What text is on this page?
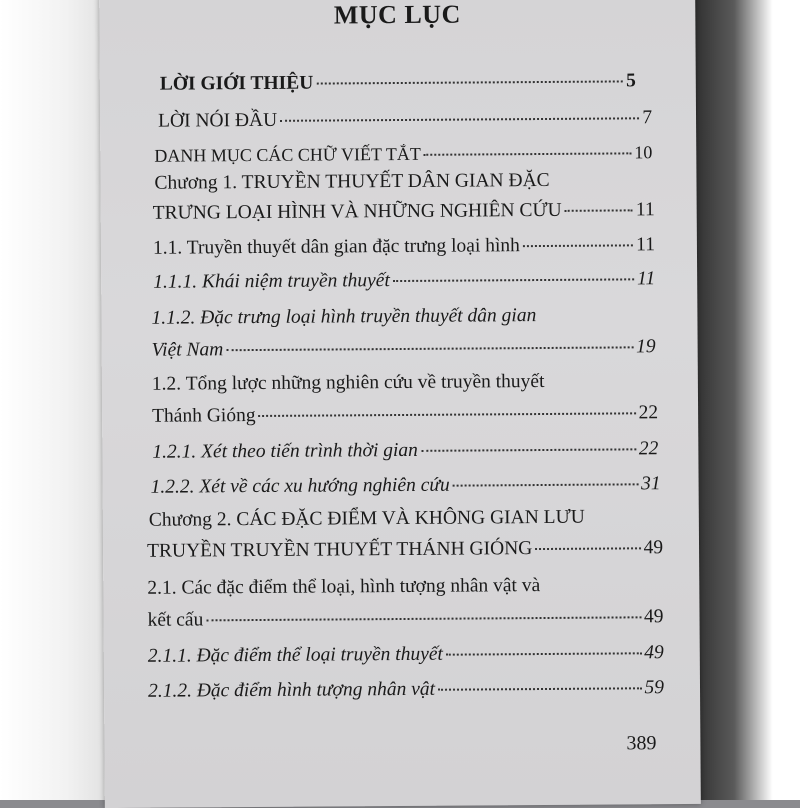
MỤC LỤC
LỜI GIỚI THIỆU	5
LỜI NÓI ĐẦU	7
DANH MỤC CÁC CHỮ VIẾT TẮT	10
Chương 1. TRUYỀN THUYẾT DÂN GIAN ĐẶC
TRƯNG LOẠI HÌNH VÀ NHỮNG NGHIÊN CỨU	11
1.1. Truyền thuyết dân gian đặc trưng loại hình	11
1.1.1. Khái niệm truyền thuyết	11
1.1.2. Đặc trưng loại hình truyền thuyết dân gian
Việt Nam	19
1.2. Tổng lược những nghiên cứu về truyền thuyết
Thánh Gióng	22
1.2.1. Xét theo tiến trình thời gian	22
1.2.2. Xét về các xu hướng nghiên cứu	31
Chương 2. CÁC ĐẶC ĐIỂM VÀ KHÔNG GIAN LƯU
TRUYỀN TRUYỀN THUYẾT THÁNH GIÓNG	49
2.1. Các đặc điểm thể loại, hình tượng nhân vật và
kết cấu	49
2.1.1. Đặc điểm thể loại truyền thuyết	49
2.1.2. Đặc điểm hình tượng nhân vật	59
389
